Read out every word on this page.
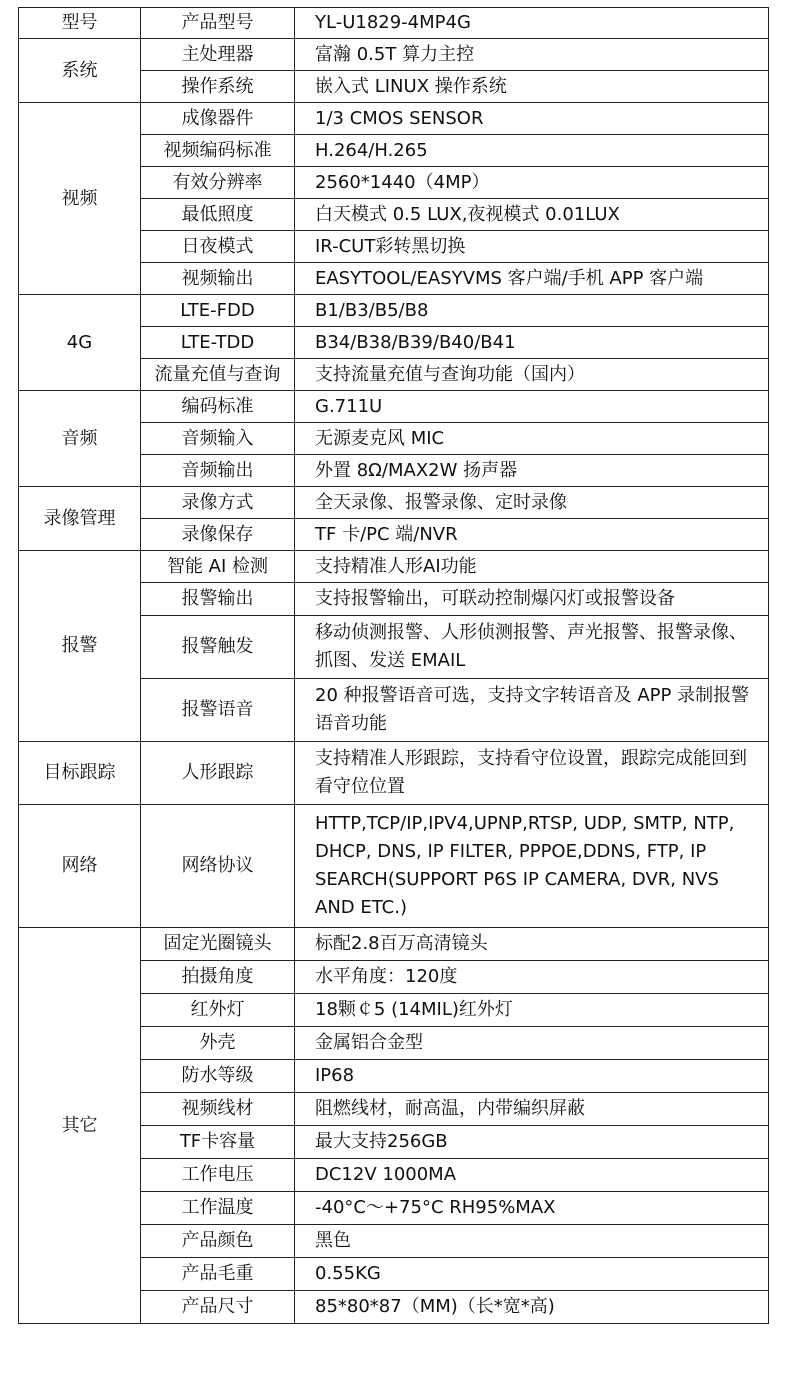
型号	产品型号	YL-U1829-4MP4G
系统	主处理器	富瀚 0.5T 算力主控
	操作系统	嵌入式 LINUX 操作系统
视频	成像器件	1/3 CMOS SENSOR
	视频编码标准	H.264/H.265
	有效分辨率	2560*1440（4MP）
	最低照度	白天模式 0.5 LUX,夜视模式 0.01LUX
	日夜模式	IR-CUT彩转黑切换
	视频输出	EASYTOOL/EASYVMS 客户端/手机 APP 客户端
4G	LTE-FDD	B1/B3/B5/B8
	LTE-TDD	B34/B38/B39/B40/B41
	流量充值与查询	支持流量充值与查询功能（国内）
音频	编码标准	G.711U
	音频输入	无源麦克风 MIC
	音频输出	外置 8Ω/MAX2W 扬声器
录像管理	录像方式	全天录像、报警录像、定时录像
	录像保存	TF 卡/PC 端/NVR
报警	智能 AI 检测	支持精准人形AI功能
	报警输出	支持报警输出，可联动控制爆闪灯或报警设备
	报警触发	移动侦测报警、人形侦测报警、声光报警、报警录像、抓图、发送 EMAIL
	报警语音	20 种报警语音可选，支持文字转语音及 APP 录制报警语音功能
目标跟踪	人形跟踪	支持精准人形跟踪，支持看守位设置，跟踪完成能回到看守位位置
网络	网络协议	HTTP,TCP/IP,IPV4,UPNP,RTSP, UDP, SMTP, NTP, DHCP, DNS, IP FILTER, PPPOE,DDNS, FTP, IP SEARCH(SUPPORT P6S IP CAMERA, DVR, NVS AND ETC.)
其它	固定光圈镜头	标配2.8百万高清镜头
	拍摄角度	水平角度：120度
	红外灯	18颗￠5 (14MIL)红外灯
	外壳	金属铝合金型
	防水等级	IP68
	视频线材	阻燃线材，耐高温，内带编织屏蔽
	TF卡容量	最大支持256GB
	工作电压	DC12V 1000MA
	工作温度	-40°C～+75°C RH95%MAX
	产品颜色	黑色
	产品毛重	0.55KG
	产品尺寸	85*80*87（MM)（长*宽*高)
